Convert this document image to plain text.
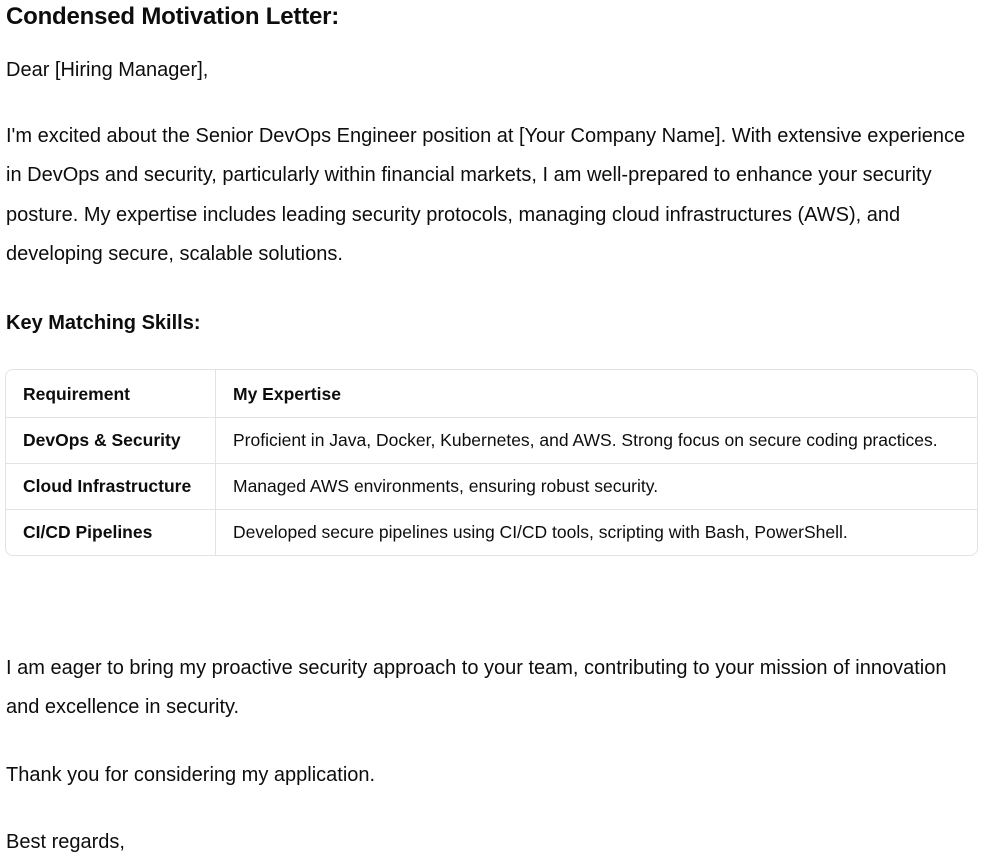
Condensed Motivation Letter:

Dear [Hiring Manager],

I'm excited about the Senior DevOps Engineer position at [Your Company Name]. With extensive experience in DevOps and security, particularly within financial markets, I am well-prepared to enhance your security posture. My expertise includes leading security protocols, managing cloud infrastructures (AWS), and developing secure, scalable solutions.

Key Matching Skills:

Requirement	My Expertise
DevOps & Security	Proficient in Java, Docker, Kubernetes, and AWS. Strong focus on secure coding practices.
Cloud Infrastructure	Managed AWS environments, ensuring robust security.
CI/CD Pipelines	Developed secure pipelines using CI/CD tools, scripting with Bash, PowerShell.

I am eager to bring my proactive security approach to your team, contributing to your mission of innovation and excellence in security.

Thank you for considering my application.

Best regards,
